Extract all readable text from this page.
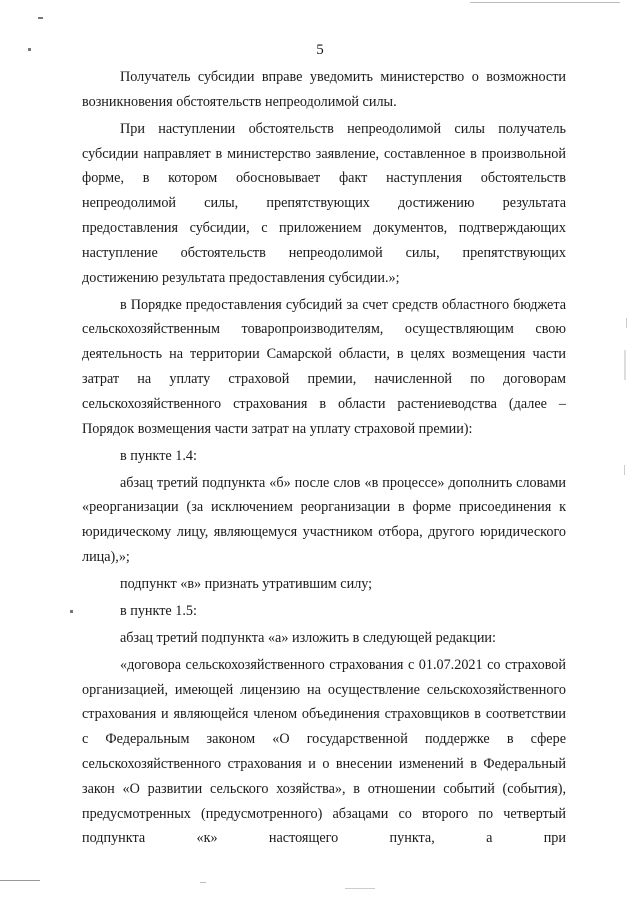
5

Получатель субсидии вправе уведомить министерство о возможности возникновения обстоятельств непреодолимой силы.

При наступлении обстоятельств непреодолимой силы получатель субсидии направляет в министерство заявление, составленное в произвольной форме, в котором обосновывает факт наступления обстоятельств непреодолимой силы, препятствующих достижению результата предоставления субсидии, с приложением документов, подтверждающих наступление обстоятельств непреодолимой силы, препятствующих достижению результата предоставления субсидии.»;

в Порядке предоставления субсидий за счет средств областного бюджета сельскохозяйственным товаропроизводителям, осуществляющим свою деятельность на территории Самарской области, в целях возмещения части затрат на уплату страховой премии, начисленной по договорам сельскохозяйственного страхования в области растениеводства (далее – Порядок возмещения части затрат на уплату страховой премии):

в пункте 1.4:

абзац третий подпункта «б» после слов «в процессе» дополнить словами «реорганизации (за исключением реорганизации в форме присоединения к юридическому лицу, являющемуся участником отбора, другого юридического лица),»;

подпункт «в» признать утратившим силу;

в пункте 1.5:

абзац третий подпункта «а» изложить в следующей редакции:

«договора сельскохозяйственного страхования с 01.07.2021 со страховой организацией, имеющей лицензию на осуществление сельскохозяйственного страхования и являющейся членом объединения страховщиков в соответствии с Федеральным законом «О государственной поддержке в сфере сельскохозяйственного страхования и о внесении изменений в Федеральный закон «О развитии сельского хозяйства», в отношении событий (события), предусмотренных (предусмотренного) абзацами со второго по четвертый подпункта «к» настоящего пункта, а при
